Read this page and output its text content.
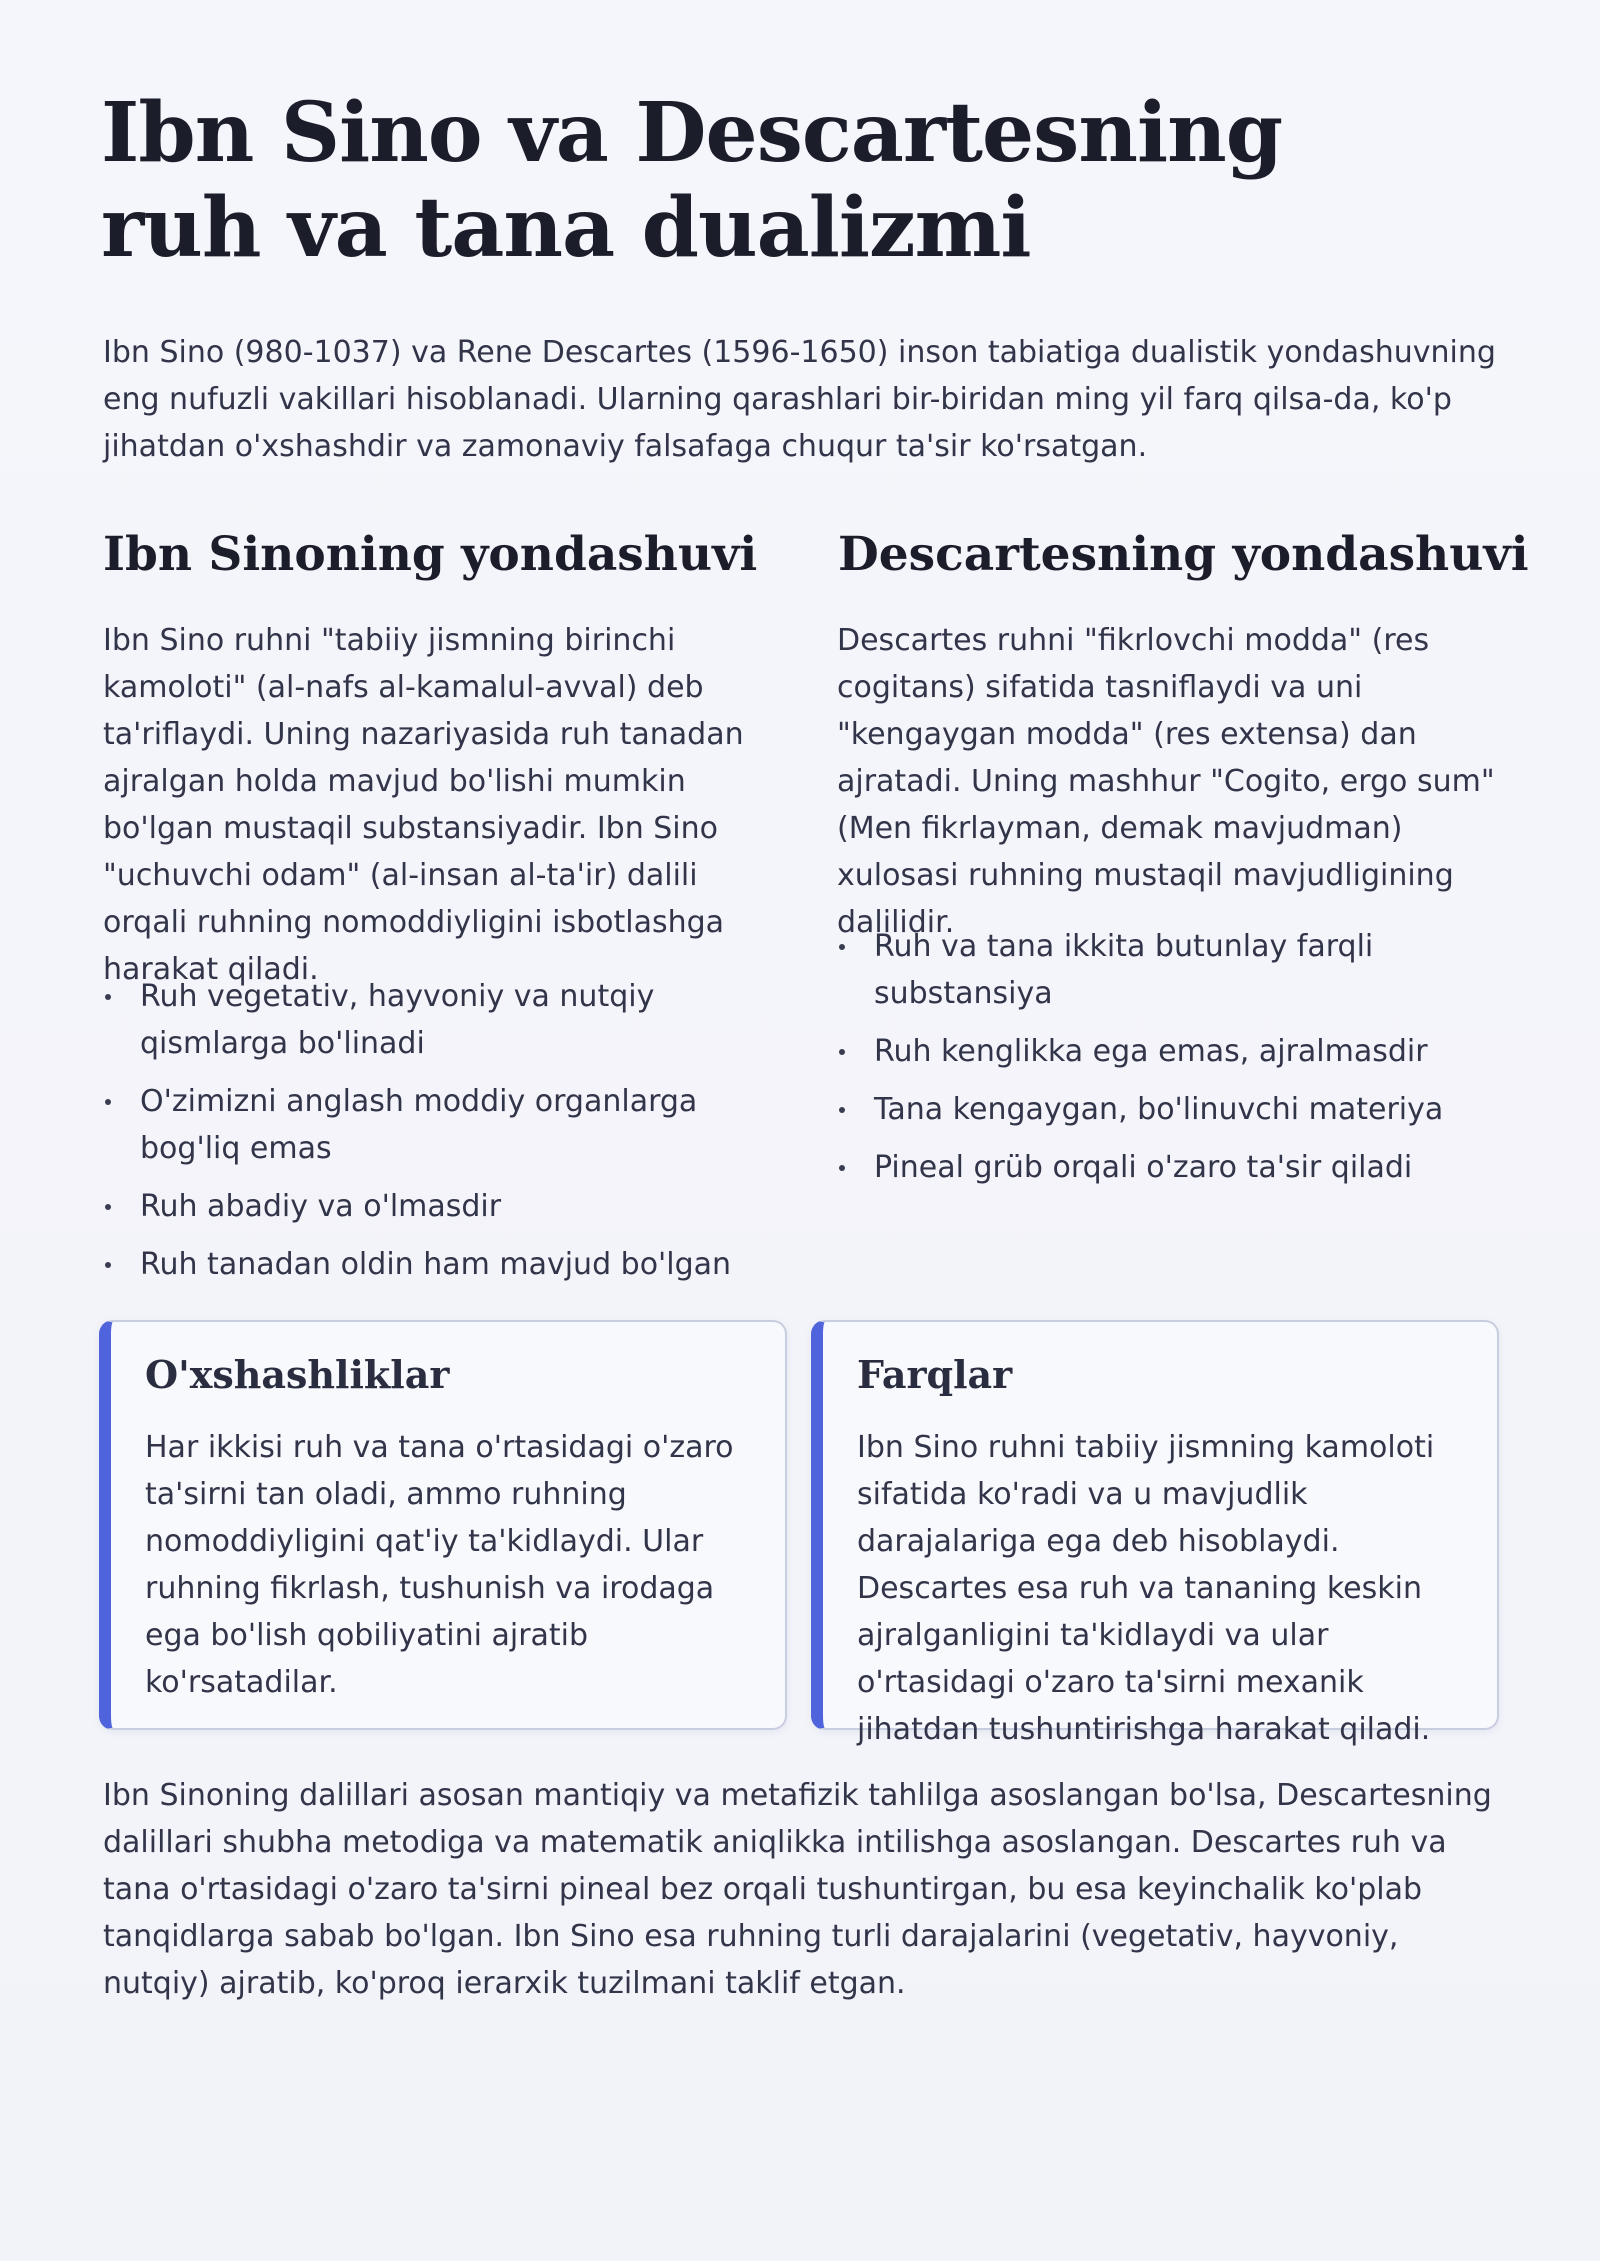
Ibn Sino va Descartesning ruh va tana dualizmi

Ibn Sino (980-1037) va Rene Descartes (1596-1650) inson tabiatiga dualistik yondashuvning eng nufuzli vakillari hisoblanadi. Ularning qarashlari bir-biridan ming yil farq qilsa-da, ko'p jihatdan o'xshashdir va zamonaviy falsafaga chuqur ta'sir ko'rsatgan.

Ibn Sinoning yondashuvi Descartesning yondashuvi

Ibn Sino ruhni "tabiiy jismning birinchi kamoloti" (al-nafs al-kamalul-avval) deb ta'riflaydi. Uning nazariyasida ruh tanadan ajralgan holda mavjud bo'lishi mumkin bo'lgan mustaqil substansiyadir. Ibn Sino "uchuvchi odam" (al-insan al-ta'ir) dalili orqali ruhning nomoddiyligini isbotlashga harakat qiladi.

Descartes ruhni "fikrlovchi modda" (res cogitans) sifatida tasniflaydi va uni "kengaygan modda" (res extensa) dan ajratadi. Uning mashhur "Cogito, ergo sum" (Men fikrlayman, demak mavjudman) xulosasi ruhning mustaqil mavjudligining dalilidir.

Ruh vegetativ, hayvoniy va nutqiy qismlarga bo'linadi
O'zimizni anglash moddiy organlarga bog'liq emas
Ruh abadiy va o'lmasdir
Ruh tanadan oldin ham mavjud bo'lgan
Ruh va tana ikkita butunlay farqli substansiya
Ruh kenglikka ega emas, ajralmasdir
Tana kengaygan, bo'linuvchi materiya
Pineal grüb orqali o'zaro ta'sir qiladi
O'xshashliklar

Har ikkisi ruh va tana o'rtasidagi o'zaro ta'sirni tan oladi, ammo ruhning nomoddiyligini qat'iy ta'kidlaydi. Ular ruhning fikrlash, tushunish va irodaga ega bo'lish qobiliyatini ajratib ko'rsatadilar.

Farqlar

Ibn Sino ruhni tabiiy jismning kamoloti sifatida ko'radi va u mavjudlik darajalariga ega deb hisoblaydi. Descartes esa ruh va tananing keskin ajralganligini ta'kidlaydi va ular o'rtasidagi o'zaro ta'sirni mexanik jihatdan tushuntirishga harakat qiladi.

Ibn Sinoning dalillari asosan mantiqiy va metafizik tahlilga asoslangan bo'lsa, Descartesning dalillari shubha metodiga va matematik aniqlikka intilishga asoslangan. Descartes ruh va tana o'rtasidagi o'zaro ta'sirni pineal bez orqali tushuntirgan, bu esa keyinchalik ko'plab tanqidlarga sabab bo'lgan. Ibn Sino esa ruhning turli darajalarini (vegetativ, hayvoniy, nutqiy) ajratib, ko'proq ierarxik tuzilmani taklif etgan.
